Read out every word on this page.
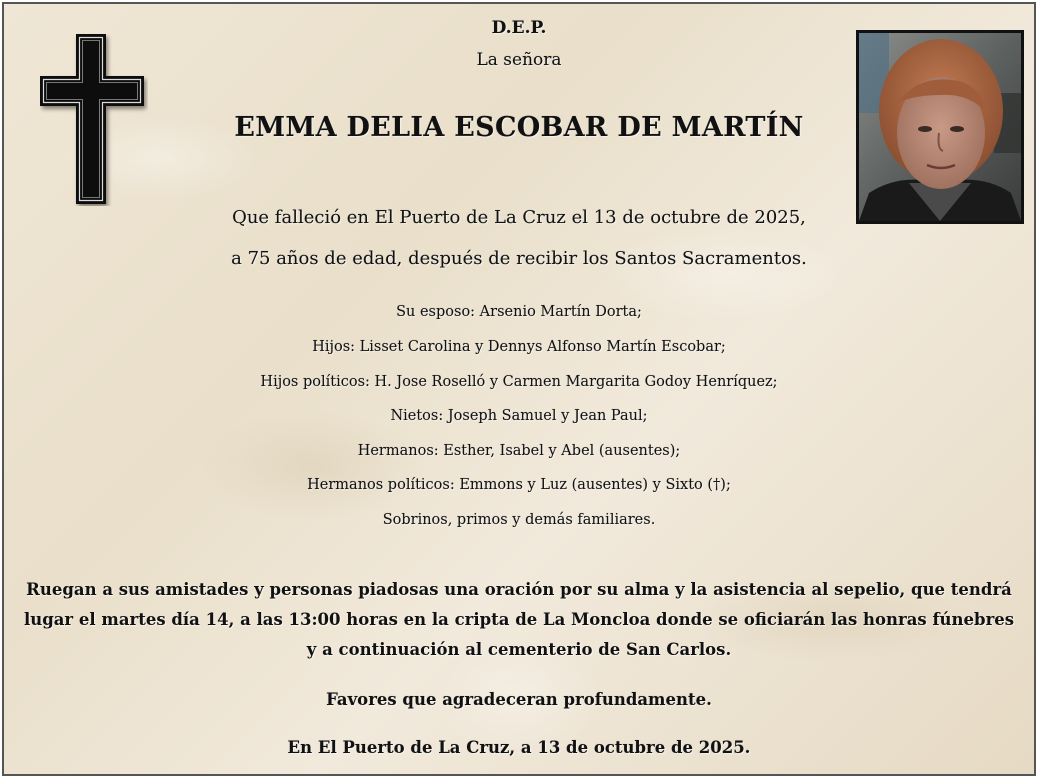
D.E.P.
La señora
EMMA DELIA ESCOBAR DE MARTÍN
Que falleció en El Puerto de La Cruz el 13 de octubre de 2025,
a 75 años de edad, después de recibir los Santos Sacramentos.
Su esposo: Arsenio Martín Dorta;
Hijos: Lisset Carolina y Dennys Alfonso Martín Escobar;
Hijos políticos: H. Jose Roselló y Carmen Margarita Godoy Henríquez;
Nietos: Joseph Samuel y Jean Paul;
Hermanos: Esther, Isabel y Abel (ausentes);
Hermanos políticos: Emmons y Luz (ausentes) y Sixto (†);
Sobrinos, primos y demás familiares.
Ruegan a sus amistades y personas piadosas una oración por su alma y la asistencia al sepelio, que tendrá lugar el martes día 14, a las 13:00 horas en la cripta de La Moncloa donde se oficiarán las honras fúnebres y a continuación al cementerio de San Carlos.
Favores que agradeceran profundamente.
En El Puerto de La Cruz, a 13 de octubre de 2025.
